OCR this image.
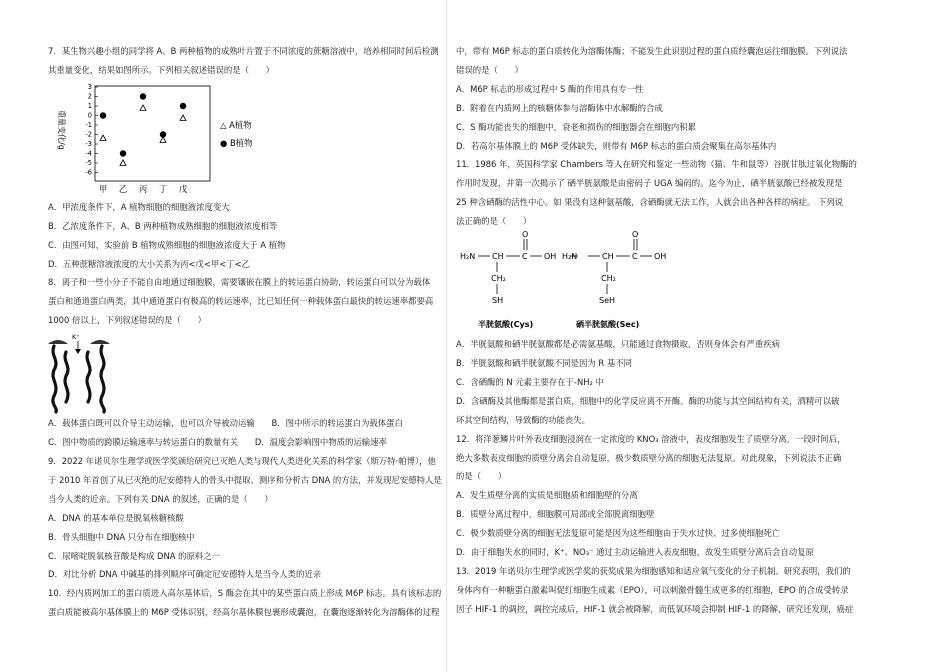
7．某生物兴趣小组的同学将 A、B 两种植物的成熟叶片置于不同浓度的蔗糖溶液中，培养相同时间后检测

其重量变化，结果如图所示。下列相关叙述错误的是（　　）

重量变化/g
3
2
1
0
-1
-2
-3
-4
-5
-6
甲 乙 丙 丁 戊
△ A植物
● B植物

A．甲浓度条件下，A 植物细胞的细胞液浓度变大

B．乙浓度条件下，A、B 两种植物成熟细胞的细胞液浓度相等

C．由图可知，实验前 B 植物成熟细胞的细胞液浓度大于 A 植物

D．五种蔗糖溶液浓度的大小关系为丙<戊<甲<丁<乙

8．离子和一些小分子不能自由地通过细胞膜，需要镶嵌在膜上的转运蛋白协助，转运蛋白可以分为载体

蛋白和通道蛋白两类，其中通道蛋白有极高的转运速率，比已知任何一种载体蛋白最快的转运速率都要高

1000 倍以上，下列叙述错误的是（　　）

K⁺

A．载体蛋白既可以介导主动运输，也可以介导被动运输　　B．图中所示的转运蛋白为载体蛋白

C．图中物质的跨膜运输速率与转运蛋白的数量有关　　D．温度会影响图中物质的运输速率

9．2022 年诺贝尔生理学或医学奖颁给研究已灭绝人类与现代人类进化关系的科学家（斯万特·帕博），他

于 2010 年首创了从已灭绝的尼安德特人的骨头中提取、测序和分析古 DNA 的方法，并发现尼安德特人是

当今人类的近亲。下列有关 DNA 的叙述，正确的是（　　）

A．DNA 的基本单位是脱氧核糖核酸

B．骨头细胞中 DNA 只分布在细胞核中

C．尿嘧啶脱氧核苷酸是构成 DNA 的原料之一

D．对比分析 DNA 中碱基的排列顺序可确定尼安德特人是当今人类的近亲

10．经内质网加工的蛋白质进入高尔基体后，S 酶会在其中的某些蛋白质上形成 M6P 标志。具有该标志的

蛋白质能被高尔基体膜上的 M6P 受体识别，经高尔基体膜包裹形成囊泡，在囊泡逐渐转化为溶酶体的过程

中，带有 M6P 标志的蛋白质转化为溶酶体酶；不能发生此识别过程的蛋白质经囊泡运往细胞膜。下列说法

错误的是（　　）

A．M6P 标志的形成过程中 S 酶的作用具有专一性

B．附着在内质网上的核糖体参与溶酶体中水解酶的合成

C．S 酶功能丧失的细胞中，衰老和损伤的细胞器会在细胞内积累

D．若高尔基体膜上的 M6P 受体缺失，则带有 M6P 标志的蛋白质会聚集在高尔基体内

11．1986 年，英国科学家 Chambers 等人在研究和鉴定一些动物（猫、牛和鼠等）谷胱甘肽过氧化物酶的

作用时发现，并第一次揭示了 硒半胱氨酸是由密码子 UGA 编码的。迄今为止，硒半胱氨酸已经被发现是

25 种含硒酶的活性中心。如 果没有这种氨基酸，含硒酶就无法工作，人就会出各种各样的病症。 下列说

法正确的是（　　）

H₂N CH C OH
O
CH₂
SH
半胱氨酸(Cys)
H₂N	CH C OH
O
CH₂
SeH
硒半胱氨酸(Sec)

A．半胱氨酸和硒半胱氨酸都是必需氨基酸，只能通过食物摄取，否则身体会有严重疾病

B．半胱氨酸和硒半胱氨酸不同是因为 R 基不同

C．含硒酶的 N 元素主要存在于-NH₂ 中

D．含硒酶及其他酶都是蛋白质，细胞中的化学反应离不开酶。酶的功能与其空间结构有关，酒精可以破

坏其空间结构，导致酶的功能丧失。

12．将洋葱鳞片叶外表皮细胞浸润在一定浓度的 KNO₃ 溶液中，表皮细胞发生了质壁分离，一段时间后，

绝大多数表皮细胞的质壁分离会自动复原，极少数质壁分离的细胞无法复原。对此现象，下列说法不正确

的是（　　）

A．发生质壁分离的实质是细胞质和细胞壁的分离

B．质壁分离过程中，细胞膜可局部或全部脱离细胞壁

C．极少数质壁分离的细胞无法复原可能是因为这些细胞由于失水过快、过多使细胞死亡

D．由于细胞失水的同时，K⁺、NO₃⁻ 通过主动运输进入表皮细胞，故发生质壁分离后会自动复原

13．2019 年诺贝尔生理学或医学奖的获奖成果为细胞感知和适应氧气变化的分子机制。研究表明，我们的

身体内有一种糖蛋白激素叫促红细胞生成素（EPO），可以刺激骨髓生成更多的红细胞，EPO 的合成受转录

因子 HIF-1 的调控，调控完成后，HIF-1 就会被降解，而低氧环境会抑制 HIF-1 的降解，研究还发现，癌症
